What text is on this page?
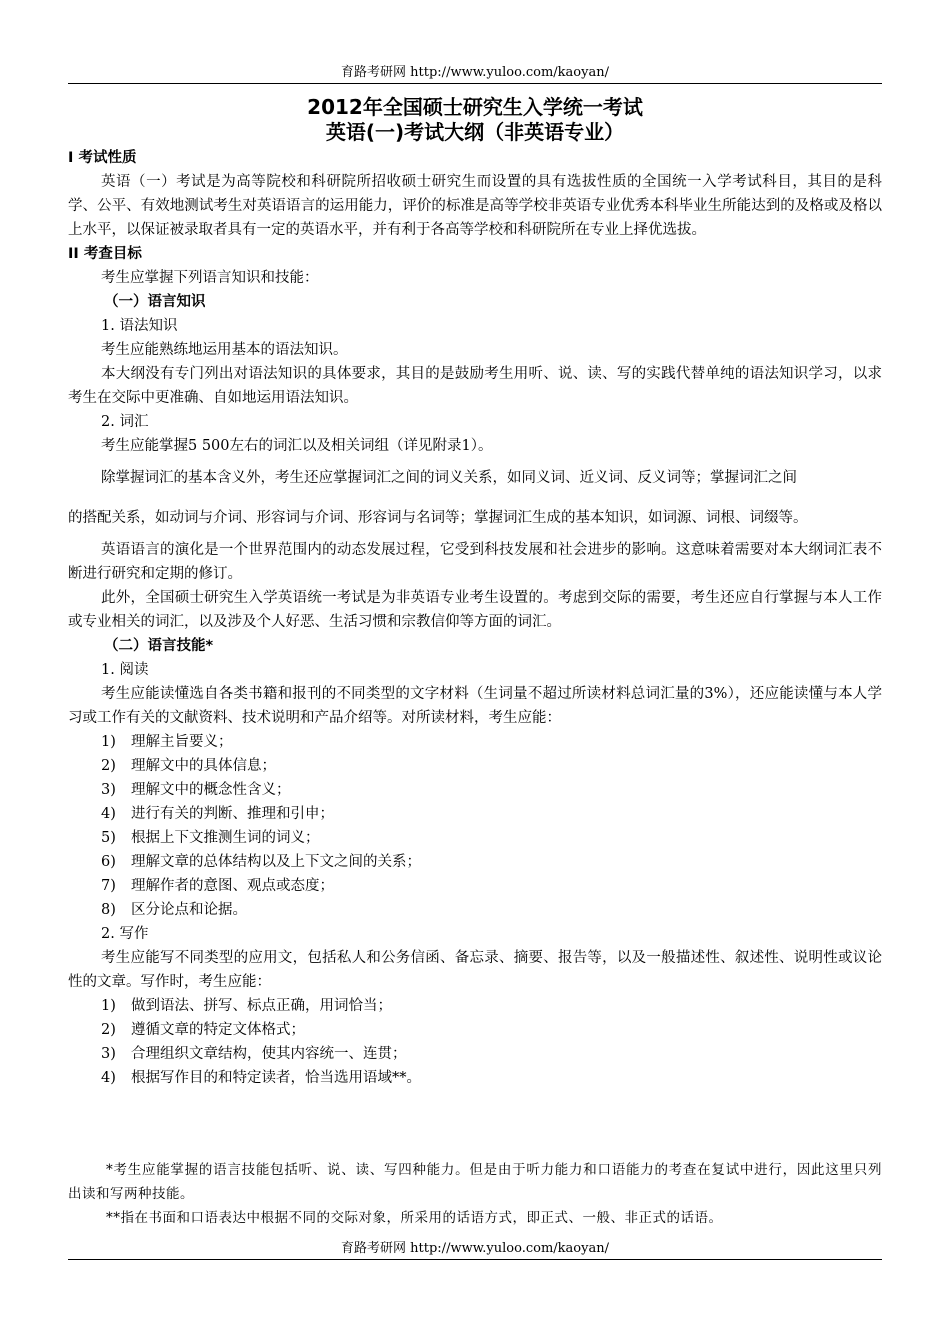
育路考研网 http://www.yuloo.com/kaoyan/
2012年全国硕士研究生入学统一考试
英语(一)考试大纲（非英语专业）

I 考试性质

英语（一）考试是为高等院校和科研院所招收硕士研究生而设置的具有选拔性质的全国统一入学考试科目，其目的是科学、公平、有效地测试考生对英语语言的运用能力，评价的标准是高等学校非英语专业优秀本科毕业生所能达到的及格或及格以上水平，以保证被录取者具有一定的英语水平，并有利于各高等学校和科研院所在专业上择优选拔。

II 考查目标

考生应掌握下列语言知识和技能：

（一）语言知识

1. 语法知识

考生应能熟练地运用基本的语法知识。

本大纲没有专门列出对语法知识的具体要求，其目的是鼓励考生用听、说、读、写的实践代替单纯的语法知识学习，以求考生在交际中更准确、自如地运用语法知识。

2. 词汇

考生应能掌握5 500左右的词汇以及相关词组（详见附录1）。

除掌握词汇的基本含义外，考生还应掌握词汇之间的词义关系，如同义词、近义词、反义词等；掌握词汇之间

的搭配关系，如动词与介词、形容词与介词、形容词与名词等；掌握词汇生成的基本知识，如词源、词根、词缀等。

英语语言的演化是一个世界范围内的动态发展过程，它受到科技发展和社会进步的影响。这意味着需要对本大纲词汇表不断进行研究和定期的修订。

此外，全国硕士研究生入学英语统一考试是为非英语专业考生设置的。考虑到交际的需要，考生还应自行掌握与本人工作或专业相关的词汇，以及涉及个人好恶、生活习惯和宗教信仰等方面的词汇。

（二）语言技能*

1. 阅读

考生应能读懂选自各类书籍和报刊的不同类型的文字材料（生词量不超过所读材料总词汇量的3%），还应能读懂与本人学习或工作有关的文献资料、技术说明和产品介绍等。对所读材料，考生应能：

1)	理解主旨要义；
2)	理解文中的具体信息；
3)	理解文中的概念性含义；
4)	进行有关的判断、推理和引申；
5)	根据上下文推测生词的词义；
6)	理解文章的总体结构以及上下文之间的关系；
7)	理解作者的意图、观点或态度；
8)	区分论点和论据。

2. 写作

考生应能写不同类型的应用文，包括私人和公务信函、备忘录、摘要、报告等，以及一般描述性、叙述性、说明性或议论性的文章。写作时，考生应能：

1)	做到语法、拼写、标点正确，用词恰当；
2)	遵循文章的特定文体格式；
3)	合理组织文章结构，使其内容统一、连贯；
4)	根据写作目的和特定读者，恰当选用语域**。

*考生应能掌握的语言技能包括听、说、读、写四种能力。但是由于听力能力和口语能力的考查在复试中进行，因此这里只列出读和写两种技能。

**指在书面和口语表达中根据不同的交际对象，所采用的话语方式，即正式、一般、非正式的话语。

育路考研网 http://www.yuloo.com/kaoyan/
